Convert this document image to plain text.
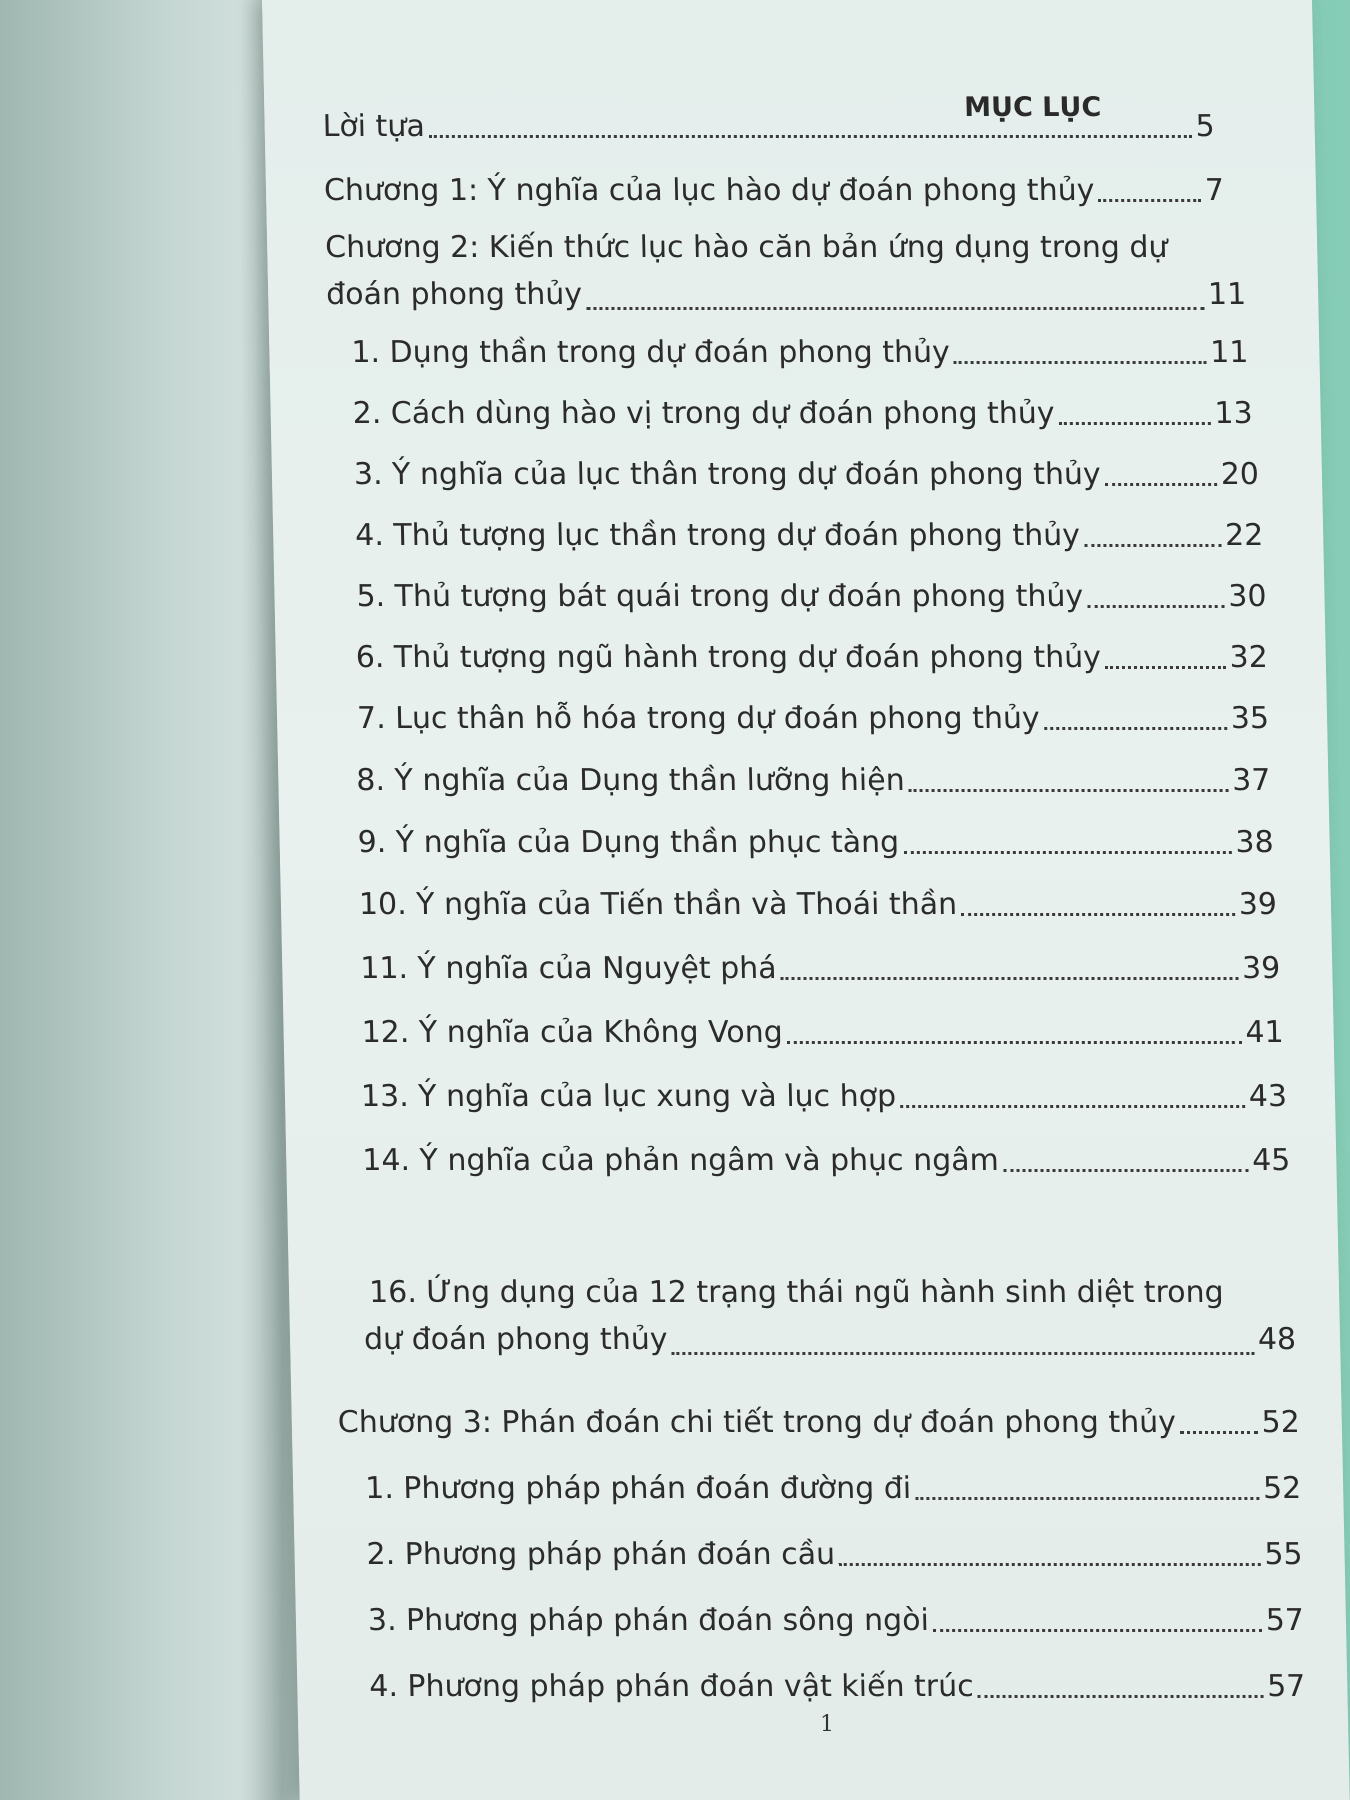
MỤC LỤC
Lời tựa	5
Chương 1: Ý nghĩa của lục hào dự đoán phong thủy	7
Chương 2: Kiến thức lục hào căn bản ứng dụng trong dự
đoán phong thủy	11
1. Dụng thần trong dự đoán phong thủy	11
2. Cách dùng hào vị trong dự đoán phong thủy	13
3. Ý nghĩa của lục thân trong dự đoán phong thủy	20
4. Thủ tượng lục thần trong dự đoán phong thủy	22
5. Thủ tượng bát quái trong dự đoán phong thủy	30
6. Thủ tượng ngũ hành trong dự đoán phong thủy	32
7. Lục thân hỗ hóa trong dự đoán phong thủy	35
8. Ý nghĩa của Dụng thần lưỡng hiện	37
9. Ý nghĩa của Dụng thần phục tàng	38
10. Ý nghĩa của Tiến thần và Thoái thần	39
11. Ý nghĩa của Nguyệt phá	39
12. Ý nghĩa của Không Vong	41
13. Ý nghĩa của lục xung và lục hợp	43
14. Ý nghĩa của phản ngâm và phục ngâm	45
16. Ứng dụng của 12 trạng thái ngũ hành sinh diệt trong
dự đoán phong thủy	48
Chương 3: Phán đoán chi tiết trong dự đoán phong thủy	52
1. Phương pháp phán đoán đường đi	52
2. Phương pháp phán đoán cầu	55
3. Phương pháp phán đoán sông ngòi	57
4. Phương pháp phán đoán vật kiến trúc	57
1
